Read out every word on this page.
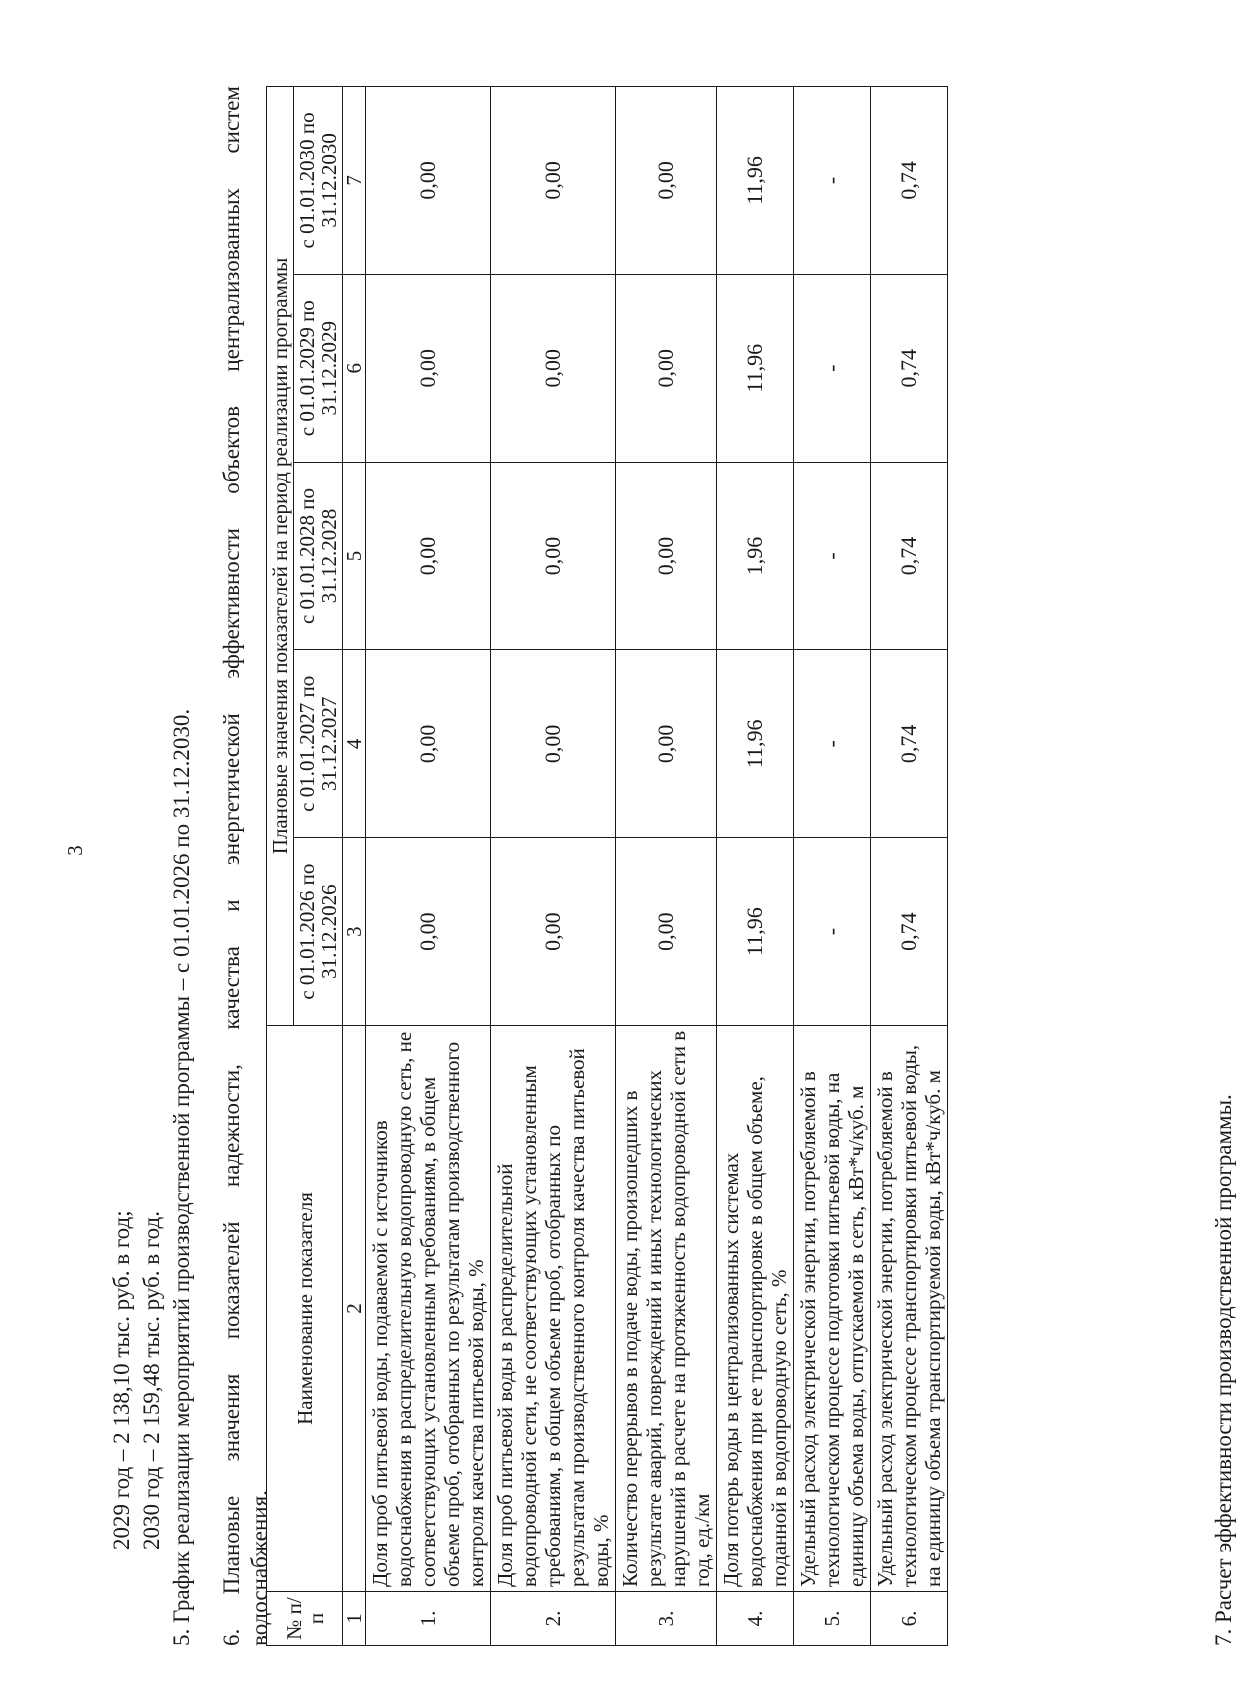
3
2029 год – 2 138,10 тыс. руб. в год; 2030 год – 2 159,48 тыс. руб. в год. 5. График реализации мероприятий производственной программы – с 01.01.2026 по 31.12.2030. 6. Плановые значения показателей надежности, качества и энергетической эффективности объектов централизованных систем водоснабжения. № п/п	Наименование показателя	Плановые значения показателей на период реализации программы				
		с 01.01.2026 по 31.12.2026	с 01.01.2027 по 31.12.2027	с 01.01.2028 по 31.12.2028	с 01.01.2029 по 31.12.2029	с 01.01.2030 по 31.12.2030
1	2	3	4	5	6	7
1.	Доля проб питьевой воды, подаваемой с источников водоснабжения в распределительную водопроводную сеть, не соответствующих установленным требованиям, в общем объеме проб, отобранных по результатам производственного контроля качества питьевой воды, %	0,00	0,00	0,00	0,00	0,00
2.	Доля проб питьевой воды в распределительной водопроводной сети, не соответствующих установленным требованиям, в общем объеме проб, отобранных по результатам производственного контроля качества питьевой воды, %	0,00	0,00	0,00	0,00	0,00
3.	Количество перерывов в подаче воды, произошедших в результате аварий, повреждений и иных технологических нарушений в расчете на протяженность водопроводной сети в год, ед./км	0,00	0,00	0,00	0,00	0,00
4.	Доля потерь воды в централизованных системах водоснабжения при ее транспортировке в общем объеме, поданной в водопроводную сеть, %	11,96	11,96	1,96	11,96	11,96
5.	Удельный расход электрической энергии, потребляемой в технологическом процессе подготовки питьевой воды, на единицу объема воды, отпускаемой в сеть, кВт*ч/куб. м	-	-	-	-	-
6.	Удельный расход электрической энергии, потребляемой в технологическом процессе транспортировки питьевой воды, на единицу объема транспортируемой воды, кВт*ч/куб. м	0,74	0,74	0,74	0,74	0,74
7. Расчет эффективности производственной программы.
